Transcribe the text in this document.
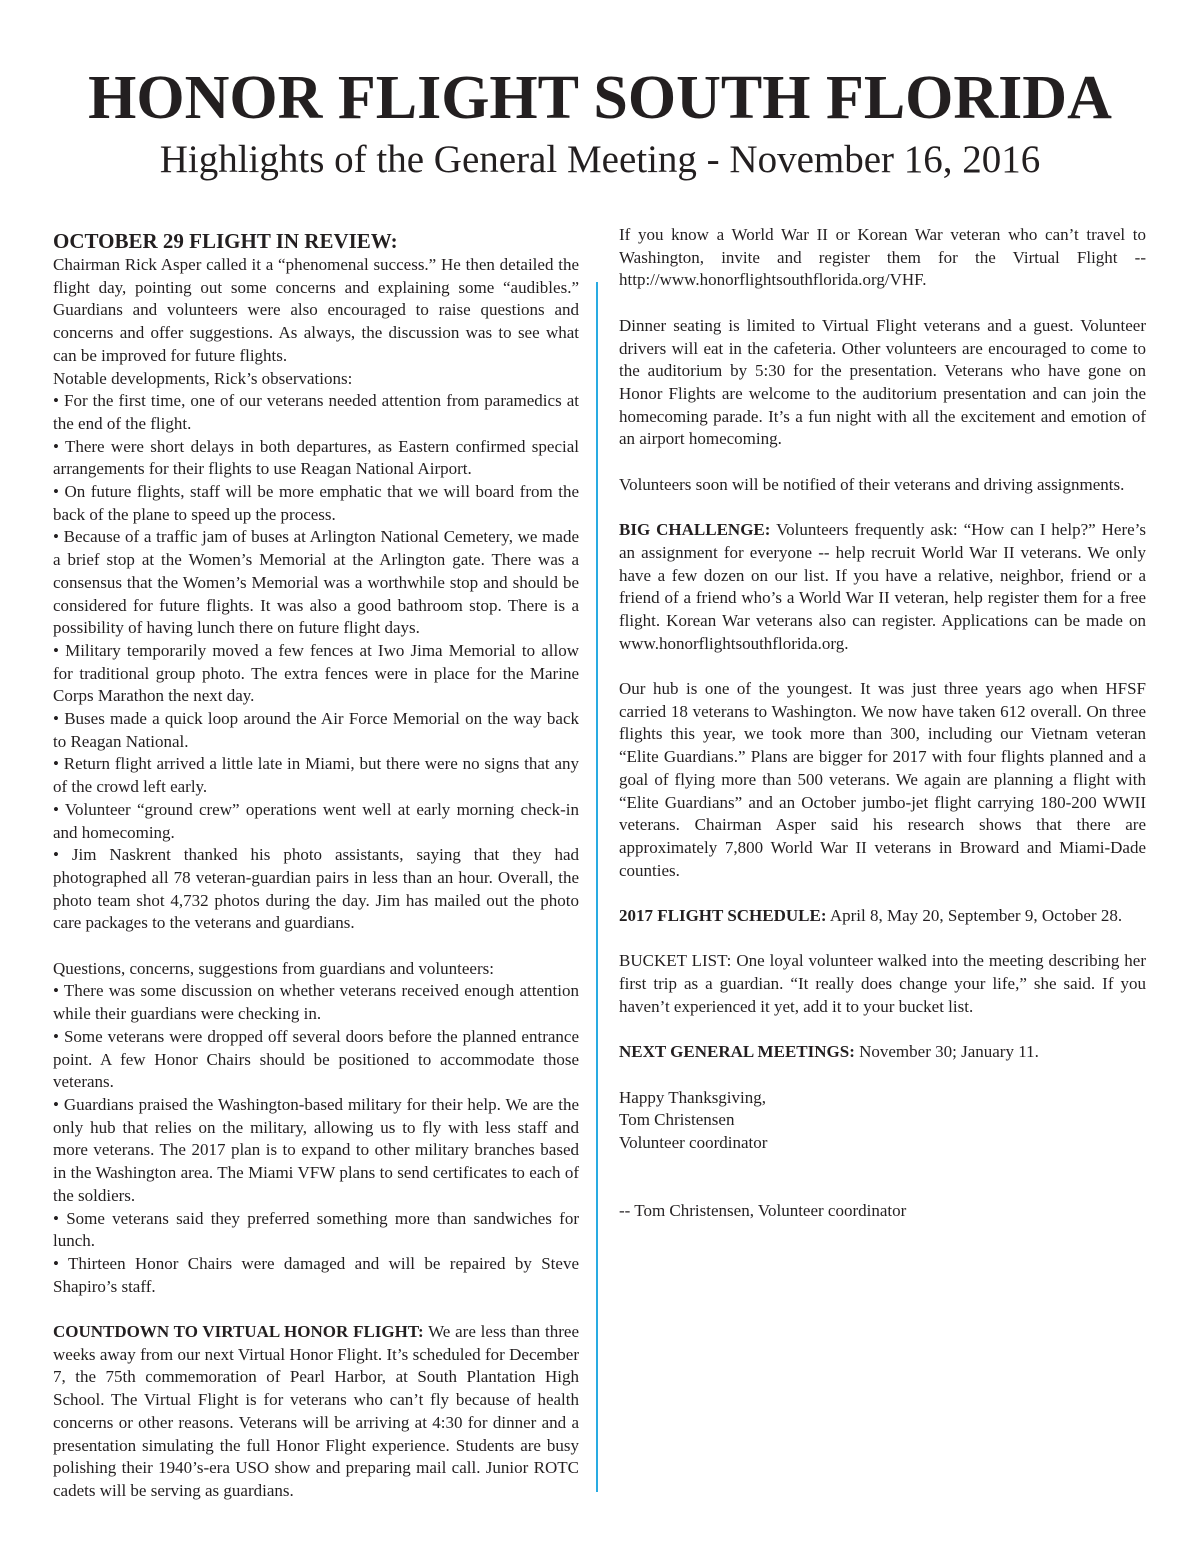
HONOR FLIGHT SOUTH FLORIDA
Highlights of the General Meeting - November 16, 2016

OCTOBER 29 FLIGHT IN REVIEW:

Chairman Rick Asper called it a “phenomenal success.” He then detailed the flight day, pointing out some concerns and explaining some “audibles.” Guardians and volunteers were also encouraged to raise questions and concerns and offer suggestions. As always, the discussion was to see what can be improved for future flights.

Notable developments, Rick’s observations:

• For the first time, one of our veterans needed attention from paramedics at the end of the flight.

• There were short delays in both departures, as Eastern confirmed special arrangements for their flights to use Reagan National Airport.

• On future flights, staff will be more emphatic that we will board from the back of the plane to speed up the process.

• Because of a traffic jam of buses at Arlington National Cemetery, we made a brief stop at the Women’s Memorial at the Arlington gate. There was a consensus that the Women’s Memorial was a worthwhile stop and should be considered for future flights. It was also a good bathroom stop. There is a possibility of having lunch there on future flight days.

• Military temporarily moved a few fences at Iwo Jima Memorial to allow for traditional group photo. The extra fences were in place for the Marine Corps Marathon the next day.

• Buses made a quick loop around the Air Force Memorial on the way back to Reagan National.

• Return flight arrived a little late in Miami, but there were no signs that any of the crowd left early.

• Volunteer “ground crew” operations went well at early morning check-in and homecoming.

• Jim Naskrent thanked his photo assistants, saying that they had photographed all 78 veteran-guardian pairs in less than an hour. Overall, the photo team shot 4,732 photos during the day. Jim has mailed out the photo care packages to the veterans and guardians.

Questions, concerns, suggestions from guardians and volunteers:

• There was some discussion on whether veterans received enough attention while their guardians were checking in.

• Some veterans were dropped off several doors before the planned entrance point. A few Honor Chairs should be positioned to accommodate those veterans.

• Guardians praised the Washington-based military for their help. We are the only hub that relies on the military, allowing us to fly with less staff and more veterans. The 2017 plan is to expand to other military branches based in the Washington area. The Miami VFW plans to send certificates to each of the soldiers.

• Some veterans said they preferred something more than sandwiches for lunch.

• Thirteen Honor Chairs were damaged and will be repaired by Steve Shapiro’s staff.

COUNTDOWN TO VIRTUAL HONOR FLIGHT: We are less than three weeks away from our next Virtual Honor Flight. It’s scheduled for December 7, the 75th commemoration of Pearl Harbor, at South Plantation High School. The Virtual Flight is for veterans who can’t fly because of health concerns or other reasons. Veterans will be arriving at 4:30 for dinner and a presentation simulating the full Honor Flight experience. Students are busy polishing their 1940’s-era USO show and preparing mail call. Junior ROTC cadets will be serving as guardians.

If you know a World War II or Korean War veteran who can’t travel to Washington, invite and register them for the Virtual Flight -- http://www.honorflightsouthflorida.org/VHF.

Dinner seating is limited to Virtual Flight veterans and a guest. Volunteer drivers will eat in the cafeteria. Other volunteers are encouraged to come to the auditorium by 5:30 for the presentation. Veterans who have gone on Honor Flights are welcome to the auditorium presentation and can join the homecoming parade. It’s a fun night with all the excitement and emotion of an airport homecoming.

Volunteers soon will be notified of their veterans and driving assignments.

BIG CHALLENGE: Volunteers frequently ask: “How can I help?” Here’s an assignment for everyone -- help recruit World War II veterans. We only have a few dozen on our list. If you have a relative, neighbor, friend or a friend of a friend who’s a World War II veteran, help register them for a free flight. Korean War veterans also can register. Applications can be made on www.honorflightsouthflorida.org.

Our hub is one of the youngest. It was just three years ago when HFSF carried 18 veterans to Washington. We now have taken 612 overall. On three flights this year, we took more than 300, including our Vietnam veteran “Elite Guardians.” Plans are bigger for 2017 with four flights planned and a goal of flying more than 500 veterans. We again are planning a flight with “Elite Guardians” and an October jumbo-jet flight carrying 180-200 WWII veterans. Chairman Asper said his research shows that there are approximately 7,800 World War II veterans in Broward and Miami-Dade counties.

2017 FLIGHT SCHEDULE: April 8, May 20, September 9, October 28.

BUCKET LIST: One loyal volunteer walked into the meeting describing her first trip as a guardian. “It really does change your life,” she said. If you haven’t experienced it yet, add it to your bucket list.

NEXT GENERAL MEETINGS: November 30; January 11.

Happy Thanksgiving,

Tom Christensen

Volunteer coordinator

-- Tom Christensen, Volunteer coordinator
